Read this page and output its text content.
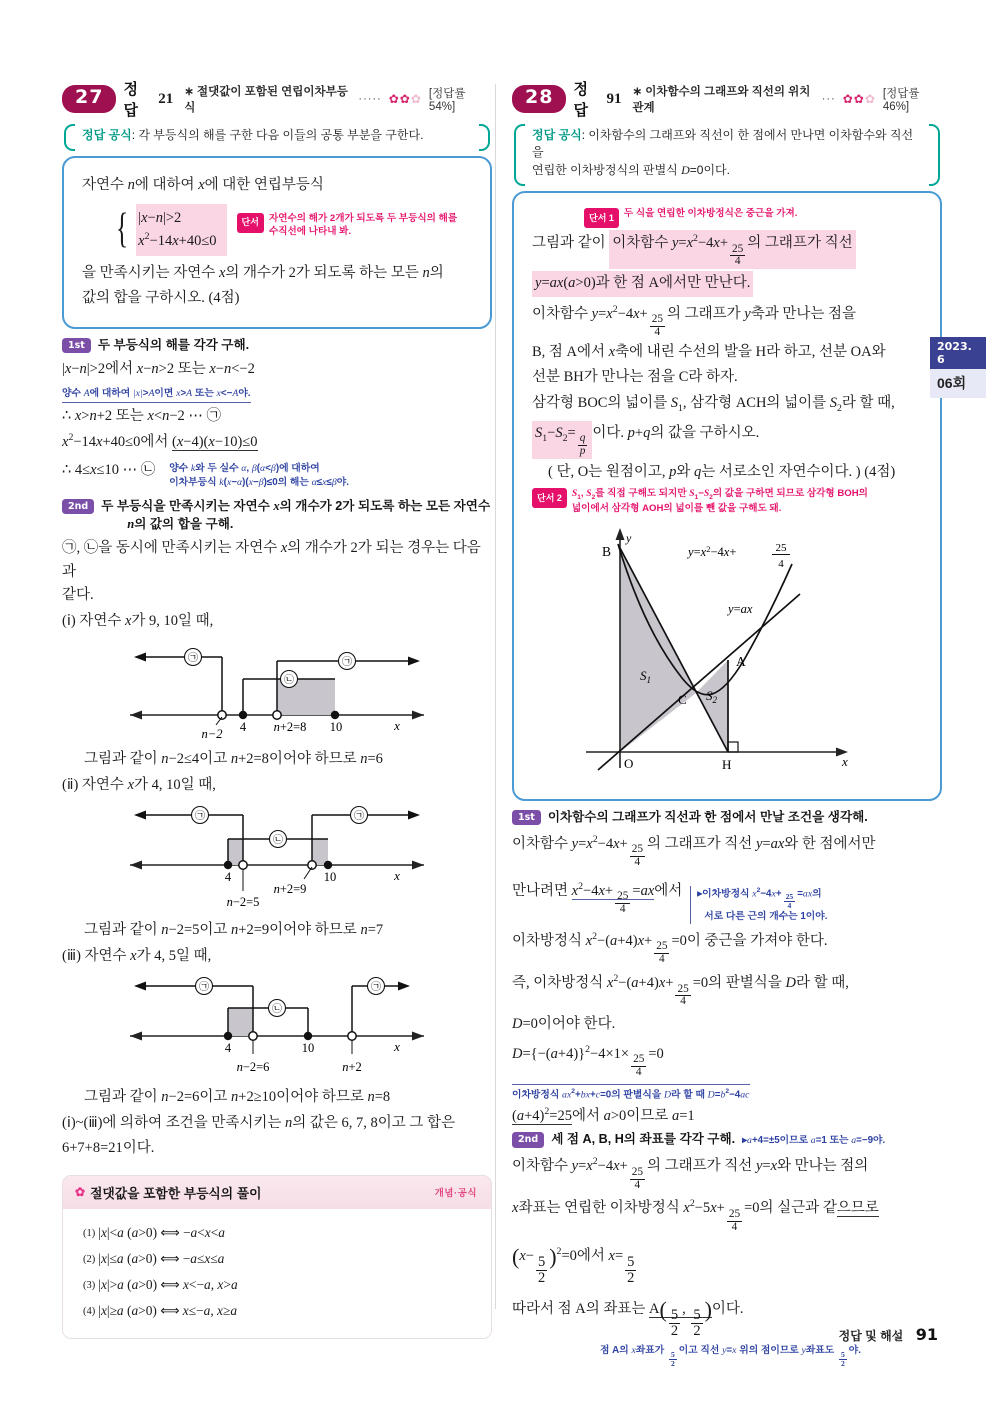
27	정답
21 ∗ 절댓값이 포함된 연립이차부등식
····· ✿✿✿ [정답률 54%]
정답 공식: 각 부등식의 해를 구한 다음 이들의 공통 부분을 구한다.
자연수 n에 대하여 x에 대한 연립부등식
{ |x−n|>2
$x^2-14x+40\le 0$
단서	자연수의 해가 2개가 되도록 두 부등식의 해를
수직선에 나타내 봐.
을 만족시키는 자연수 x의 개수가 2가 되도록 하는 모든 n의
값의 합을 구하시오. (4점)
1st	두 부등식의 해를 각각 구해.
|x−n|>2에서 x−n>2 또는 x−n<−2
양수 A에 대하여 |x|>A이면 x>A 또는 x<−A야.
∴ x>n+2 또는 x<n−2 ⋯ ㉠
$x^2-14x+40\le 0$에서 (x−4)(x−10)≤0
∴ 4≤x≤10 ⋯ ㉡ 양수 k와 두 실수 α, β(α<β)에 대하여
이차부등식 k(x−α)(x−β)≤0의 해는 α≤x≤β야.
2nd	두 부등식을 만족시키는 자연수 x의 개수가 2가 되도록 하는 모든 자연수
n의 값의 합을 구해.
㉠, ㉡을 동시에 만족시키는 자연수 x의 개수가 2가 되는 경우는 다음과
같다.
(ⅰ) 자연수 x가 9, 10일 때,
㉠
㉡
㉠
n−2 4 n+2=8 10	x
그림과 같이 n−2≤4이고 n+2=8이어야 하므로 n=6
(ⅱ) 자연수 x가 4, 10일 때,
㉠
㉡
㉠
4
n−2=5
n+2=9
10	x
그림과 같이 n−2=5이고 n+2=9이어야 하므로 n=7
(ⅲ) 자연수 x가 4, 5일 때,
㉠
㉡
㉠
4
n−2=6
10
n+2
x
그림과 같이 n−2=6이고 n+2≥10이어야 하므로 n=8
(ⅰ)~(ⅲ)에 의하여 조건을 만족시키는 n의 값은 6, 7, 8이고 그 합은
6+7+8=21이다.
✿ 절댓값을 포함한 부등식의 풀이	개념·공식
(1) |x|<a (a>0) ⟺ −a<x<a
(2) |x|≤a (a>0) ⟺ −a≤x≤a
(3) |x|>a (a>0) ⟺ x<−a, x>a
(4) |x|≥a (a>0) ⟺ x≤−a, x≥a
28	정답
91 ∗ 이차함수의 그래프와 직선의 위치 관계
··· ✿✿✿ [정답률 46%]
정답 공식: 이차함수의 그래프와 직선이 한 점에서 만나면 이차함수와 직선을
연립한 이차방정식의 판별식 D=0이다.
단서 1	두 식을 연립한 이차방정식은 중근을 가져.
그림과 같이 이차함수 $y=x^2-4x+$
$\frac{25}{4}$
의 그래프가 직선
y=ax(a>0)과 한 점 A에서만 만난다.
이차함수 $y=x^2-4x+$
$\frac{25}{4}$
의 그래프가 y축과 만나는 점을
B, 점 A에서 x축에 내린 수선의 발을 H라 하고, 선분 OA와
선분 BH가 만나는 점을 C라 하자.
삼각형 BOC의 넓이를 $S_1$, 삼각형 ACH의 넓이를 $S_2$라 할 때,
$S_1-S_2=$
$\frac{q}{p}$
이다. p+q의 값을 구하시오.
( 단, O는 원점이고, p와 q는 서로소인 자연수이다. ) (4점)
단서 2	$S_1$, $S_2$를 직접 구해도 되지만 $S_1-S_2$의 값을 구하면 되므로 삼각형 BOH의
넓이에서 삼각형 AOH의 넓이를 뺀 값을 구해도 돼.
y
x
B
A
C
O	H
$S_1$
$S_2$
y=ax
$y=x^2-4x+$	25
4
1st	이차함수의 그래프가 직선과 한 점에서 만날 조건을 생각해.
이차함수 $y=x^2-4x+$
$\frac{25}{4}$
의 그래프가 직선 y=ax와 한 점에서만
만나려면 $x^2-4x+$
$\frac{25}{4}$
=ax에서	▸이차방정식 $x^2-4x+ \frac{25}{4} =ax$의
서로 다른 근의 개수는 1이야.
이차방정식 $x^2-(a+4)x+$
$\frac{25}{4}$
=0이 중근을 가져야 한다.
즉, 이차방정식 $x^2-(a+4)x+$
$\frac{25}{4}$
=0의 판별식을 D라 할 때,
D=0이어야 한다.
$D=\{-(a+4)\}^2-4\times 1\times$
$\frac{25}{4}$
=0
이차방정식 $ax^2+bx+c=0$의 판별식을 D라 할 때 $D=b^2-4ac$
$(a+4)^2=25$에서 a>0이므로 a=1
2nd	세 점 A, B, H의 좌표를 각각 구해. ▸a+4=±5이므로 a=1 또는 a=−9야.
이차함수 $y=x^2-4x+$
$\frac{25}{4}$
의 그래프가 직선 y=x와 만나는 점의
x좌표는 연립한 이차방정식 $x^2-5x+$
$\frac{25}{4}$
=0의 실근과 같으므로
$(x- \frac{5}{2} )^2=0$에서 $x= \frac{5}{2}$
따라서 점 A의 좌표는 $A( \frac{5}{2}$ , $\frac{5}{2}$ )이다.
점 A의 x좌표가 $\frac{5}{2}$ 이고 직선 y=x 위의 점이므로 y좌표도 $\frac{5}{2}$ 야.
2023. 6
06회
정답 및 해설 91
